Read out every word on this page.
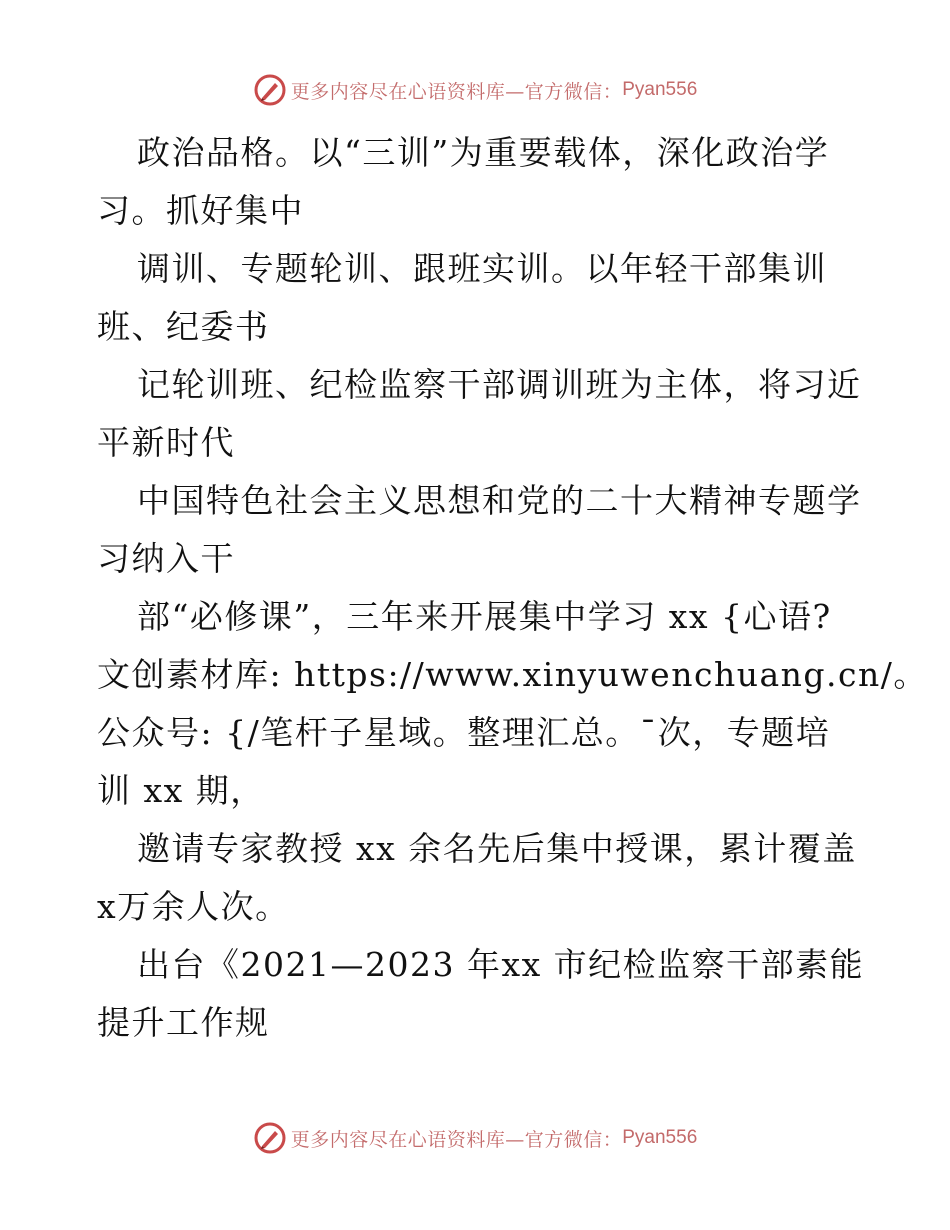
更多内容尽在心语资料库—官方微信： Pyan556
政治品格。以“三训”为重要载体，深化政治学
习。抓好集中
调训、专题轮训、跟班实训。以年轻干部集训
班、纪委书
记轮训班、纪检监察干部调训班为主体，将习近
平新时代
中国特色社会主义思想和党的二十大精神专题学
习纳入干
部“必修课”，三年来开展集中学习 xx {心语?
文创素材库: https://www.xinyuwenchuang.cn/。
公众号: {/笔杆子星域。整理汇总。¯次，专题培
训 xx 期，
邀请专家教授 xx 余名先后集中授课，累计覆盖
x万余人次。
出台《2021—2023 年xx 市纪检监察干部素能
提升工作规
更多内容尽在心语资料库—官方微信： Pyan556
